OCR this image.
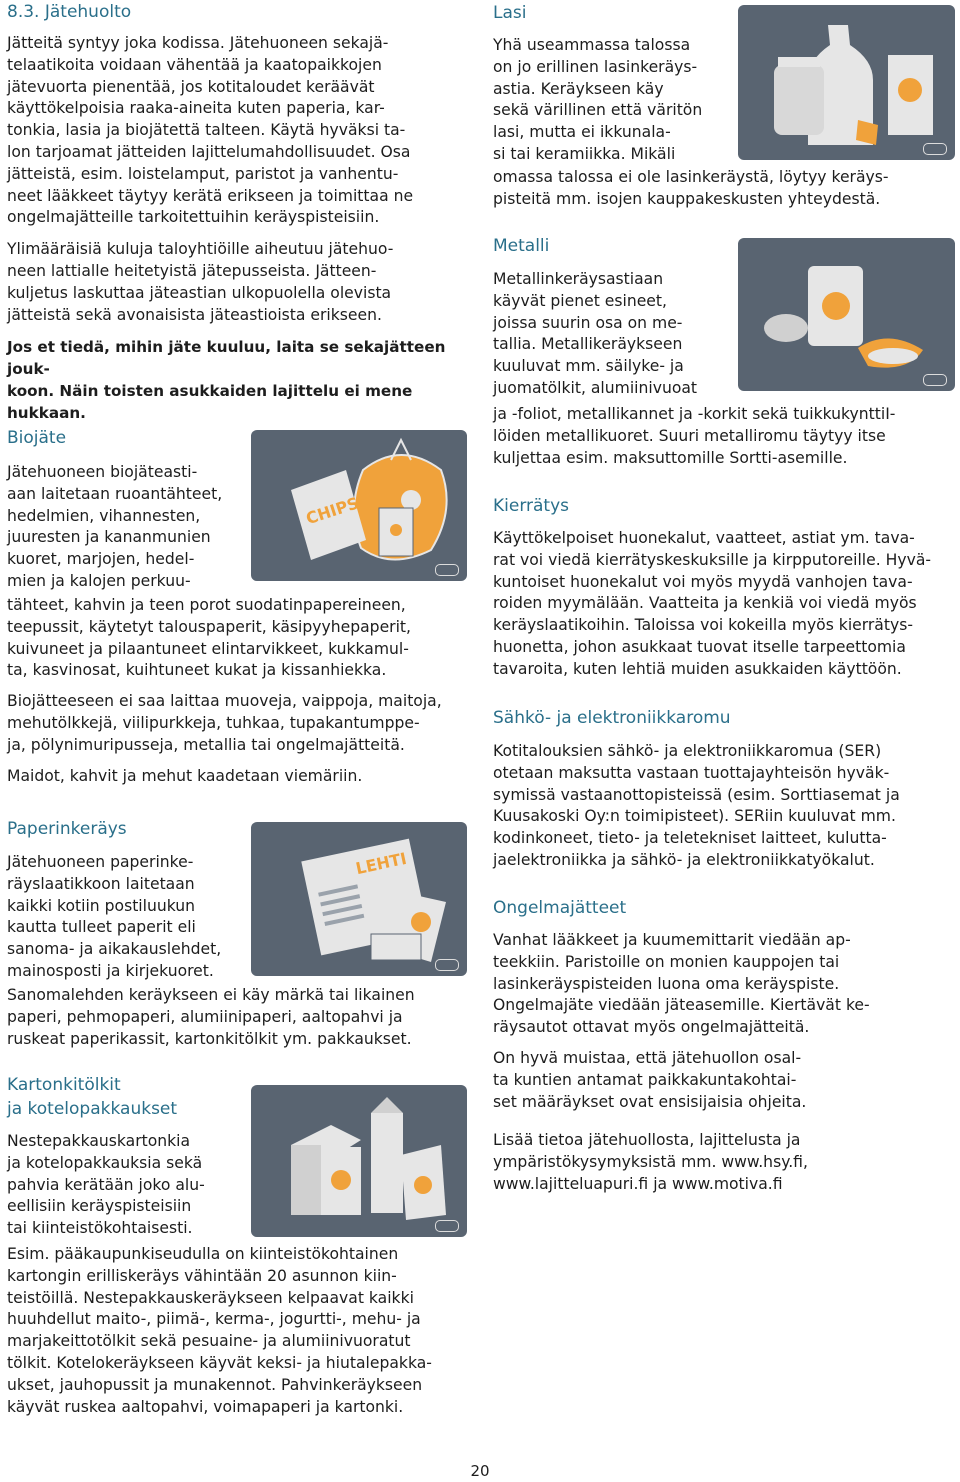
8.3. Jätehuolto

Jätteitä syntyy joka kodissa. Jätehuoneen sekajä-
telaatikoita voidaan vähentää ja kaatopaikkojen
jätevuorta pienentää, jos kotitaloudet keräävät
käyttökelpoisia raaka-aineita kuten paperia, kar-
tonkia, lasia ja biojätettä talteen. Käytä hyväksi ta-
lon tarjoamat jätteiden lajittelumahdollisuudet. Osa
jätteistä, esim. loistelamput, paristot ja vanhentu-
neet lääkkeet täytyy kerätä erikseen ja toimittaa ne
ongelmajätteille tarkoitettuihin keräyspisteisiin.

Ylimääräisiä kuluja taloyhtiöille aiheutuu jätehuo-
neen lattialle heitetyistä jätepusseista. Jätteen-
kuljetus laskuttaa jäteastian ulkopuolella olevista
jätteistä sekä avonaisista jäteastioista erikseen.

Jos et tiedä, mihin jäte kuuluu, laita se sekajätteen jouk-
koon. Näin toisten asukkaiden lajittelu ei mene hukkaan.

Biojäte

Jätehuoneen biojäteasti-
aan laitetaan ruoantähteet,
hedelmien, vihannesten,
juuresten ja kananmunien
kuoret, marjojen, hedel-
mien ja kalojen perkuu-

CHIPS

tähteet, kahvin ja teen porot suodatinpapereineen,
teepussit, käytetyt talouspaperit, käsipyyhepaperit,
kuivuneet ja pilaantuneet elintarvikkeet, kukkamul-
ta, kasvinosat, kuihtuneet kukat ja kissanhiekka.

Biojätteeseen ei saa laittaa muoveja, vaippoja, maitoja,
mehutölkkejä, viilipurkkeja, tuhkaa, tupakantumppe-
ja, pölynimuripusseja, metallia tai ongelmajätteitä.

Maidot, kahvit ja mehut kaadetaan viemäriin.

Paperinkeräys

Jätehuoneen paperinke-
räyslaatikkoon laitetaan
kaikki kotiin postiluukun
kautta tulleet paperit eli
sanoma- ja aikakauslehdet,
mainosposti ja kirjekuoret.

LEHTI

Sanomalehden keräykseen ei käy märkä tai likainen
paperi, pehmopaperi, alumiinipaperi, aaltopahvi ja
ruskeat paperikassit, kartonkitölkit ym. pakkaukset.

Kartonkitölkit
ja kotelopakkaukset

Nestepakkauskartonkia
ja kotelopakkauksia sekä
pahvia kerätään joko alu-
eellisiin keräyspisteisiin
tai kiinteistökohtaisesti.

Esim. pääkaupunkiseudulla on kiinteistökohtainen
kartongin erilliskeräys vähintään 20 asunnon kiin-
teistöillä. Nestepakkauskeräykseen kelpaavat kaikki
huuhdellut maito-, piimä-, kerma-, jogurtti-, mehu- ja
marjakeittotölkit sekä pesuaine- ja alumiinivuoratut
tölkit. Kotelokeräykseen käyvät keksi- ja hiutalepakka-
ukset, jauhopussit ja munakennot. Pahvinkeräykseen
käyvät ruskea aaltopahvi, voimapaperi ja kartonki.

Lasi

Yhä useammassa talossa
on jo erillinen lasinkeräys-
astia. Keräykseen käy
sekä värillinen että väritön
lasi, mutta ei ikkunala-
si tai keramiikka. Mikäli

omassa talossa ei ole lasinkeräystä, löytyy keräys-
pisteitä mm. isojen kauppakeskusten yhteydestä.

Metalli

Metallinkeräysastiaan
käyvät pienet esineet,
joissa suurin osa on me-
tallia. Metallikeräykseen
kuuluvat mm. säilyke- ja
juomatölkit, alumiinivuoat

ja -foliot, metallikannet ja -korkit sekä tuikkukynttiI-
löiden metallikuoret. Suuri metalliromu täytyy itse
kuljettaa esim. maksuttomille Sortti-asemille.

Kierrätys

Käyttökelpoiset huonekalut, vaatteet, astiat ym. tava-
rat voi viedä kierrätyskeskuksille ja kirpputoreille. Hyvä-
kuntoiset huonekalut voi myös myydä vanhojen tava-
roiden myymälään. Vaatteita ja kenkiä voi viedä myös
keräyslaatikoihin. Taloissa voi kokeilla myös kierrätys-
huonetta, johon asukkaat tuovat itselle tarpeettomia
tavaroita, kuten lehtiä muiden asukkaiden käyttöön.

Sähkö- ja elektroniikkaromu

Kotitalouksien sähkö- ja elektroniikkaromua (SER)
otetaan maksutta vastaan tuottajayhteisön hyväk-
symissä vastaanottopisteissä (esim. Sorttiasemat ja
Kuusakoski Oy:n toimipisteet). SERiin kuuluvat mm.
kodinkoneet, tieto- ja teletekniset laitteet, kulutta-
jaelektroniikka ja sähkö- ja elektroniikkatyökalut.

Ongelmajätteet

Vanhat lääkkeet ja kuumemittarit viedään ap-
teekkiin. Paristoille on monien kauppojen tai
lasinkeräyspisteiden luona oma keräyspiste.
Ongelmajäte viedään jäteasemille. Kiertävät ke-
räysautot ottavat myös ongelmajätteitä.

On hyvä muistaa, että jätehuollon osal-
ta kuntien antamat paikkakuntakohtai-
set määräykset ovat ensisijaisia ohjeita.

Lisää tietoa jätehuollosta, lajittelusta ja
ympäristökysymyksistä mm. www.hsy.fi,
www.lajitteluapuri.fi ja www.motiva.fi

20
